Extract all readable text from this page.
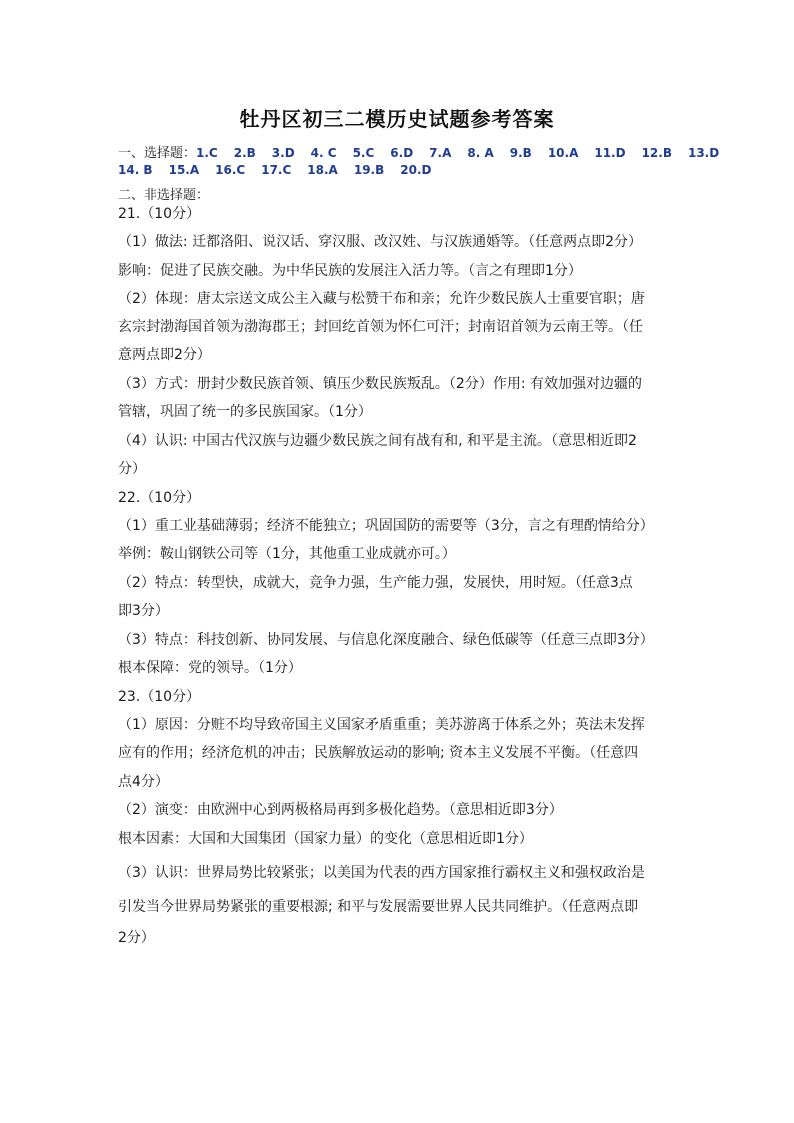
牡丹区初三二模历史试题参考答案
一、选择题：1.C 2.B 3.D 4. C 5.C 6.D 7.A 8. A 9.B 10.A 11.D 12.B 13.D
14. B 15.A 16.C 17.C 18.A 19.B 20.D
二、非选择题：
21.（10分）
（1）做法: 迁都洛阳、说汉话、穿汉服、改汉姓、与汉族通婚等。（任意两点即2分）
影响：促进了民族交融。为中华民族的发展注入活力等。（言之有理即1分）
（2）体现：唐太宗送文成公主入藏与松赞干布和亲；允许少数民族人士重要官职；唐
玄宗封渤海国首领为渤海郡王；封回纥首领为怀仁可汗；封南诏首领为云南王等。（任
意两点即2分）
（3）方式：册封少数民族首领、镇压少数民族叛乱。（2分）作用: 有效加强对边疆的
管辖，巩固了统一的多民族国家。（1分）
（4）认识: 中国古代汉族与边疆少数民族之间有战有和, 和平是主流。（意思相近即2
分）
22.（10分）
（1）重工业基础薄弱；经济不能独立；巩固国防的需要等（3分，言之有理酌情给分）
举例：鞍山钢铁公司等（1分，其他重工业成就亦可。）
（2）特点：转型快，成就大，竞争力强，生产能力强，发展快，用时短。（任意3点
即3分）
（3）特点：科技创新、协同发展、与信息化深度融合、绿色低碳等（任意三点即3分）
根本保障：党的领导。（1分）
23.（10分）
（1）原因：分赃不均导致帝国主义国家矛盾重重；美苏游离于体系之外；英法未发挥
应有的作用；经济危机的冲击；民族解放运动的影响; 资本主义发展不平衡。（任意四
点4分）
（2）演变：由欧洲中心到两极格局再到多极化趋势。（意思相近即3分）
根本因素：大国和大国集团（国家力量）的变化（意思相近即1分）
（3）认识：世界局势比较紧张；以美国为代表的西方国家推行霸权主义和强权政治是
引发当今世界局势紧张的重要根源; 和平与发展需要世界人民共同维护。（任意两点即
2分）
